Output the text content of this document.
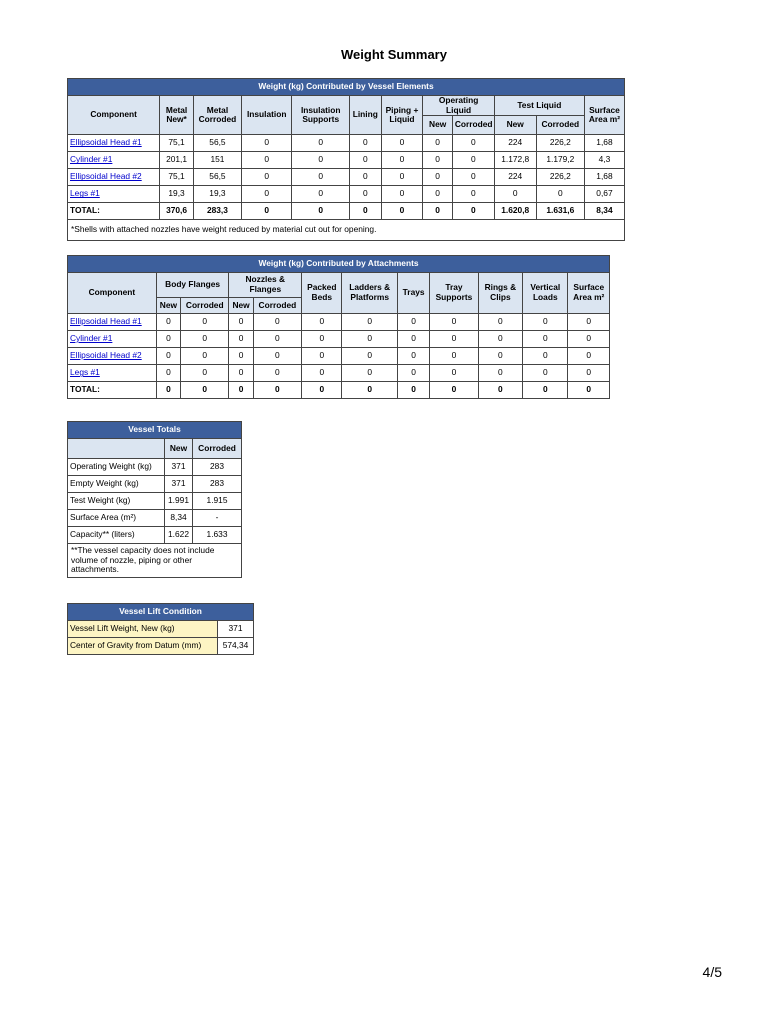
Weight Summary
Weight (kg) Contributed by Vessel Elements											
Component	Metal New*	Metal Corroded	Insulation	Insulation Supports	Lining	Piping + Liquid	Operating Liquid		Test Liquid		Surface Area m²
							New	Corroded	New	Corroded	
Ellipsoidal Head #1	75,1	56,5	0	0	0	0	0	0	224	226,2	1,68
Cylinder #1	201,1	151	0	0	0	0	0	0	1.172,8	1.179,2	4,3
Ellipsoidal Head #2	75,1	56,5	0	0	0	0	0	0	224	226,2	1,68
Legs #1	19,3	19,3	0	0	0	0	0	0	0	0	0,67
TOTAL:	370,6	283,3	0	0	0	0	0	0	1.620,8	1.631,6	8,34
*Shells with attached nozzles have weight reduced by material cut out for opening.											
Weight (kg) Contributed by Attachments											
Component	Body Flanges		Nozzles & Flanges		Packed Beds	Ladders & Platforms	Trays	Tray Supports	Rings & Clips	Vertical Loads	Surface Area m²
	New	Corroded	New	Corroded							
Ellipsoidal Head #1	0	0	0	0	0	0	0	0	0	0	0
Cylinder #1	0	0	0	0	0	0	0	0	0	0	0
Ellipsoidal Head #2	0	0	0	0	0	0	0	0	0	0	0
Legs #1	0	0	0	0	0	0	0	0	0	0	0
TOTAL:	0	0	0	0	0	0	0	0	0	0	0
Vessel Totals		
	New	Corroded
Operating Weight (kg)	371	283
Empty Weight (kg)	371	283
Test Weight (kg)	1.991	1.915
Surface Area (m²)	8,34	-
Capacity** (liters)	1.622	1.633
**The vessel capacity does not include volume of nozzle, piping or other attachments.		
Vessel Lift Condition	
Vessel Lift Weight, New (kg)	371
Center of Gravity from Datum (mm)	574,34
4/5
